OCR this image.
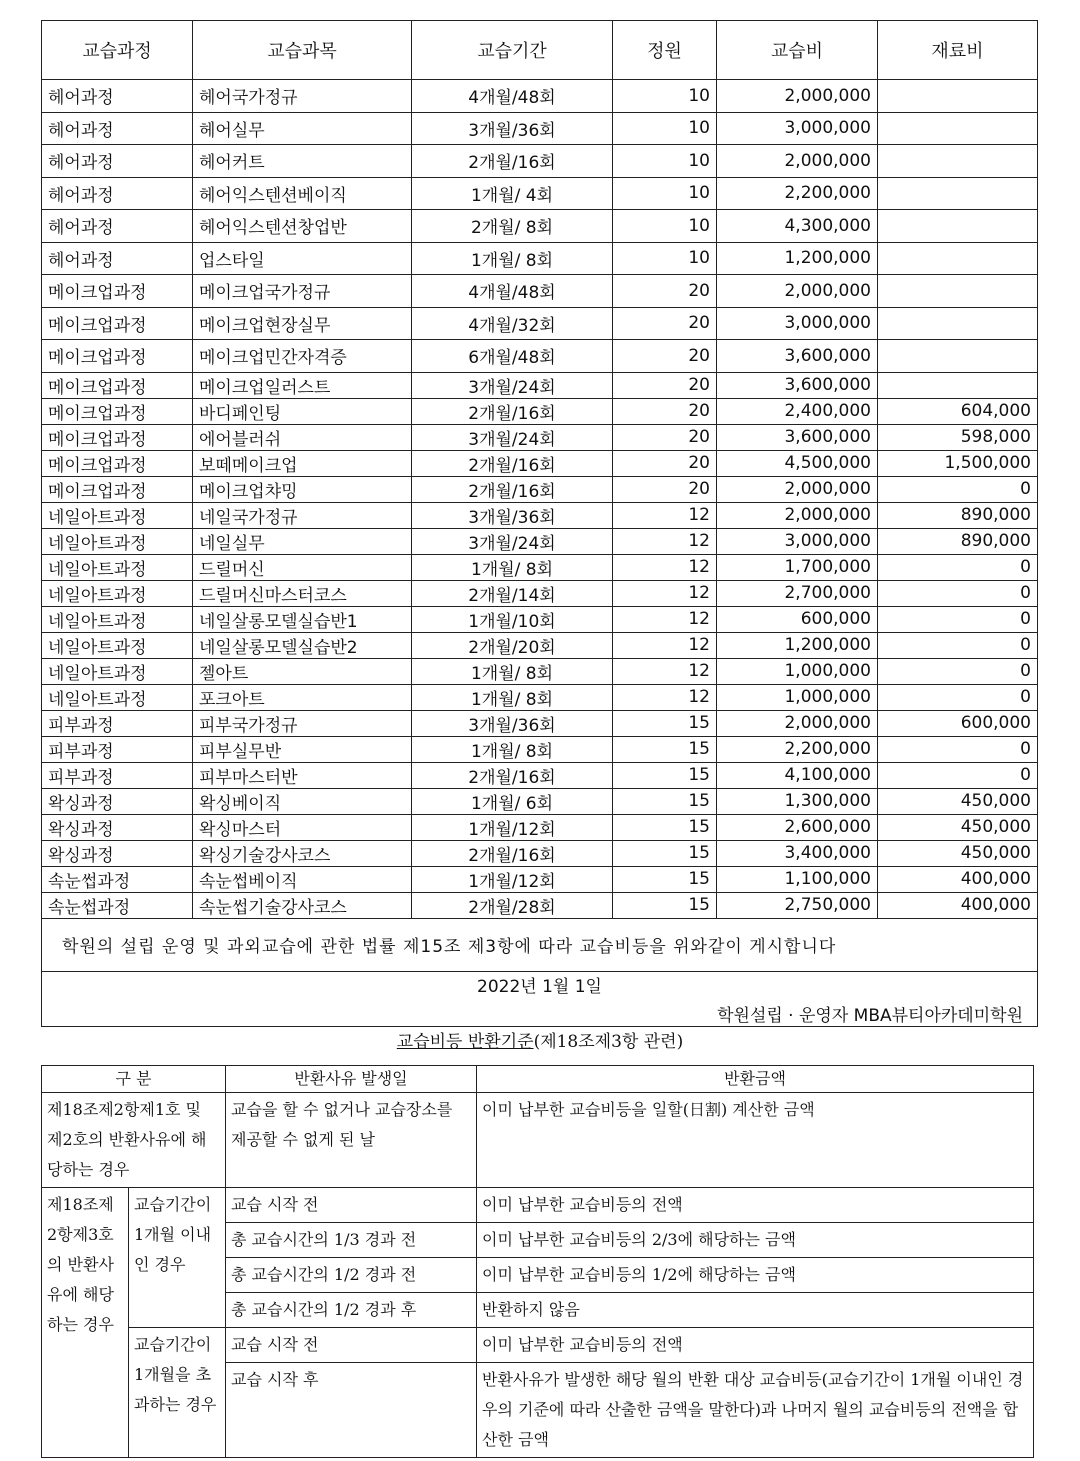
교습과정	교습과목	교습기간	정원	교습비	재료비
헤어과정	헤어국가정규	4개월/48회	10	2,000,000	
헤어과정	헤어실무	3개월/36회	10	3,000,000	
헤어과정	헤어커트	2개월/16회	10	2,000,000	
헤어과정	헤어익스텐션베이직	1개월/ 4회	10	2,200,000	
헤어과정	헤어익스텐션창업반	2개월/ 8회	10	4,300,000	
헤어과정	업스타일	1개월/ 8회	10	1,200,000	
메이크업과정	메이크업국가정규	4개월/48회	20	2,000,000	
메이크업과정	메이크업현장실무	4개월/32회	20	3,000,000	
메이크업과정	메이크업민간자격증	6개월/48회	20	3,600,000	
메이크업과정	메이크업일러스트	3개월/24회	20	3,600,000	
메이크업과정	바디페인팅	2개월/16회	20	2,400,000	604,000
메이크업과정	에어블러쉬	3개월/24회	20	3,600,000	598,000
메이크업과정	보떼메이크업	2개월/16회	20	4,500,000	1,500,000
메이크업과정	메이크업챠밍	2개월/16회	20	2,000,000	0
네일아트과정	네일국가정규	3개월/36회	12	2,000,000	890,000
네일아트과정	네일실무	3개월/24회	12	3,000,000	890,000
네일아트과정	드릴머신	1개월/ 8회	12	1,700,000	0
네일아트과정	드릴머신마스터코스	2개월/14회	12	2,700,000	0
네일아트과정	네일살롱모델실습반1	1개월/10회	12	600,000	0
네일아트과정	네일살롱모델실습반2	2개월/20회	12	1,200,000	0
네일아트과정	젤아트	1개월/ 8회	12	1,000,000	0
네일아트과정	포크아트	1개월/ 8회	12	1,000,000	0
피부과정	피부국가정규	3개월/36회	15	2,000,000	600,000
피부과정	피부실무반	1개월/ 8회	15	2,200,000	0
피부과정	피부마스터반	2개월/16회	15	4,100,000	0
왁싱과정	왁싱베이직	1개월/ 6회	15	1,300,000	450,000
왁싱과정	왁싱마스터	1개월/12회	15	2,600,000	450,000
왁싱과정	왁싱기술강사코스	2개월/16회	15	3,400,000	450,000
속눈썹과정	속눈썹베이직	1개월/12회	15	1,100,000	400,000
속눈썹과정	속눈썹기술강사코스	2개월/28회	15	2,750,000	400,000
학원의 설립 운영 및 과외교습에 관한 법률 제15조 제3항에 따라 교습비등을 위와같이 게시합니다					

2022년 1월 1일
학원설립 · 운영자 MBA뷰티아카데미학원					
교습비등 반환기준(제18조제3항 관련)
구 분		반환사유 발생일	반환금액
제18조제2항제1호 및 제2호의 반환사유에 해당하는 경우		교습을 할 수 없거나 교습장소를 제공할 수 없게 된 날	이미 납부한 교습비등을 일할(日割) 계산한 금액
제18조제2항제3호의 반환사유에 해당하는 경우	교습기간이 1개월 이내인 경우	교습 시작 전	이미 납부한 교습비등의 전액
		총 교습시간의 1/3 경과 전	이미 납부한 교습비등의 2/3에 해당하는 금액
		총 교습시간의 1/2 경과 전	이미 납부한 교습비등의 1/2에 해당하는 금액
		총 교습시간의 1/2 경과 후	반환하지 않음
	교습기간이 1개월을 초과하는 경우	교습 시작 전	이미 납부한 교습비등의 전액
		교습 시작 후	반환사유가 발생한 해당 월의 반환 대상 교습비등(교습기간이 1개월 이내인 경우의 기준에 따라 산출한 금액을 말한다)과 나머지 월의 교습비등의 전액을 합산한 금액
